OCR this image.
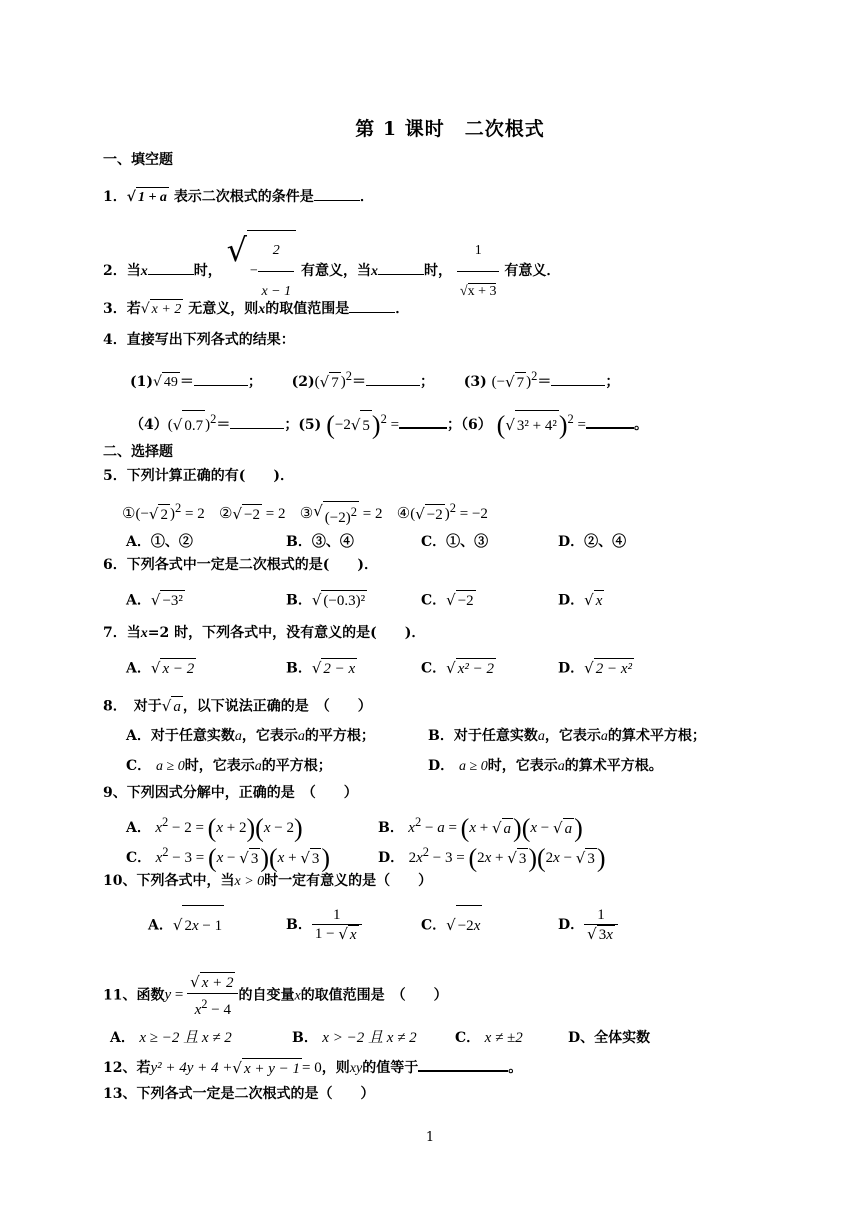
第 1 课时　二次根式
一、填空题
1．√ 1 + a 表示二次根式的条件是	．
2．当x	时， √− $\frac{2}{x - 1}$ 有意义，当x	时， $\frac{1}{√x + 3}$ 有意义．
3．若√ x + 2 无意义，则x的取值范围是	．
4．直接写出下列各式的结果：
(1)√ 49 ＝	； (2)(√ 7 )$^2$＝	； (3) (−√ 7 )$^2$＝	；
（4）(√ 0.7 )$^2$＝	；(5) (−2√ 5)$^2$ =	；（6） (√ 3² + 4²)$^2$ =	。
二、选择题
5．下列计算正确的有(　　)．
①(−√ 2 )$^2$ = 2 ②√ −2 = 2 ③√ $(-2)^2 = 2$ ④(√ −2 )$^2$ = −2
A．①、②	B．③、④	C．①、③	D．②、④
6．下列各式中一定是二次根式的是(　　)．
A．√ −3²	B．√ (−0.3)²	C．√ −2	D．√ x
7．当x=2 时，下列各式中，没有意义的是(　　)．
A．√ x − 2	B．√ 2 − x	C．√ x² − 2	D．√ 2 − x²
8．　对于√ a ，以下说法正确的是　（　　）
A．对于任意实数a，它表示a的平方根；	B．对于任意实数a，它表示a的算术平方根；
C． a ≥ 0时，它表示a的平方根；	D． a ≥ 0时，它表示a的算术平方根。
9、下列因式分解中，正确的是　（　　）
A． $x^2 - 2 = (x + 2)(x - 2)$	B． $x^2 - a = (x$ + √ a)(x − √ a)
C． $x^2 - 3 = (x$ − √ 3)(x + √ 3)	D． $2x^2 - 3 = (2x$ + √ 3)(2x − √ 3)
10、下列各式中，当x > 0时一定有意义的是（　　）
A．√ 2x − 1	B． $\frac{1}{1 - √ x}$	C．√ −2x	D． $\frac{1}{√ 3x}$
11、函数$y = \frac{√ x + 2}{x^2 - 4}$ 的自变量x的取值范围是　（　　）
A． x ≥ −2 且 x ≠ 2	B． x > −2 且 x ≠ 2	C． x ≠ ±2	D、全体实数
12、若y² + 4y + 4 +√ x + y − 1 = 0，则xy的值等于	。
13、下列各式一定是二次根式的是（　　）
1
